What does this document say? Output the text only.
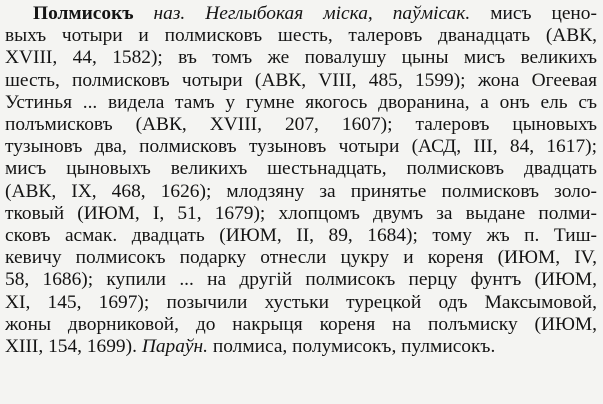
Полмисокъ наз. Неглыбокая міска, паўмісак. мисъ цено-
выхъ чотыри и полмисковъ шесть, талеровъ дванадцать (АВК,
XVIII, 44, 1582); въ томъ же повалушу цыны мисъ великихъ
шесть, полмисковъ чотыри (АВК, VIII, 485, 1599); жона Огеевая
Устинья ... видела тамъ у гумне якогось дворанина, а онъ ель съ
полъмисковъ (АВК, XVIII, 207, 1607); талеровъ цыновыхъ
тузыновъ два, полмисковъ тузыновъ чотыри (АСД, III, 84, 1617);
мисъ цыновыхъ великихъ шестьнадцать, полмисковъ двадцать
(АВК, IX, 468, 1626); млодзяну за принятье полмисковъ золо-
тковый (ИЮМ, I, 51, 1679); хлопцомъ двумъ за выдане полми-
сковъ асмак. двадцать (ИЮМ, II, 89, 1684); тому жъ п. Тиш-
кевичу полмисокъ подарку отнесли цукру и кореня (ИЮМ, IV,
58, 1686); купили ... на другій полмисокъ перцу фунтъ (ИЮМ,
XI, 145, 1697); позычили хустьки турецкой одъ Максымовой,
жоны дворниковой, до накрыця кореня на полъмиску (ИЮМ,
XIII, 154, 1699). Параўн. полмиса, полумисокъ, пулмисокъ.
